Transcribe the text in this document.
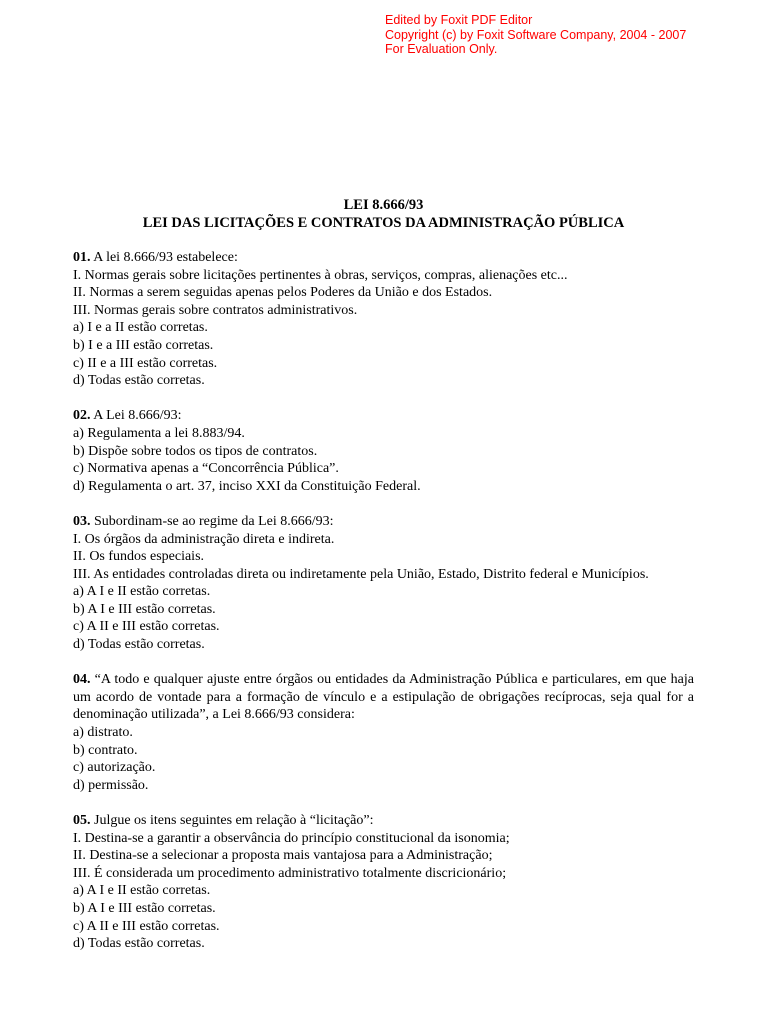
Edited by Foxit PDF Editor
Copyright (c) by Foxit Software Company, 2004 - 2007
For Evaluation Only.
LEI 8.666/93
LEI DAS LICITAÇÕES E CONTRATOS DA ADMINISTRAÇÃO PÚBLICA
01. A lei 8.666/93 estabelece:
I. Normas gerais sobre licitações pertinentes à obras, serviços, compras, alienações etc...
II. Normas a serem seguidas apenas pelos Poderes da União e dos Estados.
III. Normas gerais sobre contratos administrativos.
a) I e a II estão corretas.
b) I e a III estão corretas.
c) II e a III estão corretas.
d) Todas estão corretas.
02. A Lei 8.666/93:
a) Regulamenta a lei 8.883/94.
b) Dispõe sobre todos os tipos de contratos.
c) Normativa apenas a “Concorrência Pública”.
d) Regulamenta o art. 37, inciso XXI da Constituição Federal.
03. Subordinam-se ao regime da Lei 8.666/93:
I. Os órgãos da administração direta e indireta.
II. Os fundos especiais.
III. As entidades controladas direta ou indiretamente pela União, Estado, Distrito federal e Municípios.
a) A I e II estão corretas.
b) A I e III estão corretas.
c) A II e III estão corretas.
d) Todas estão corretas.
04. “A todo e qualquer ajuste entre órgãos ou entidades da Administração Pública e particulares, em que haja um acordo de vontade para a formação de vínculo e a estipulação de obrigações recíprocas, seja qual for a denominação utilizada”, a Lei 8.666/93 considera:
a) distrato.
b) contrato.
c) autorização.
d) permissão.
05. Julgue os itens seguintes em relação à “licitação”:
I. Destina-se a garantir a observância do princípio constitucional da isonomia;
II. Destina-se a selecionar a proposta mais vantajosa para a Administração;
III. É considerada um procedimento administrativo totalmente discricionário;
a) A I e II estão corretas.
b) A I e III estão corretas.
c) A II e III estão corretas.
d) Todas estão corretas.
